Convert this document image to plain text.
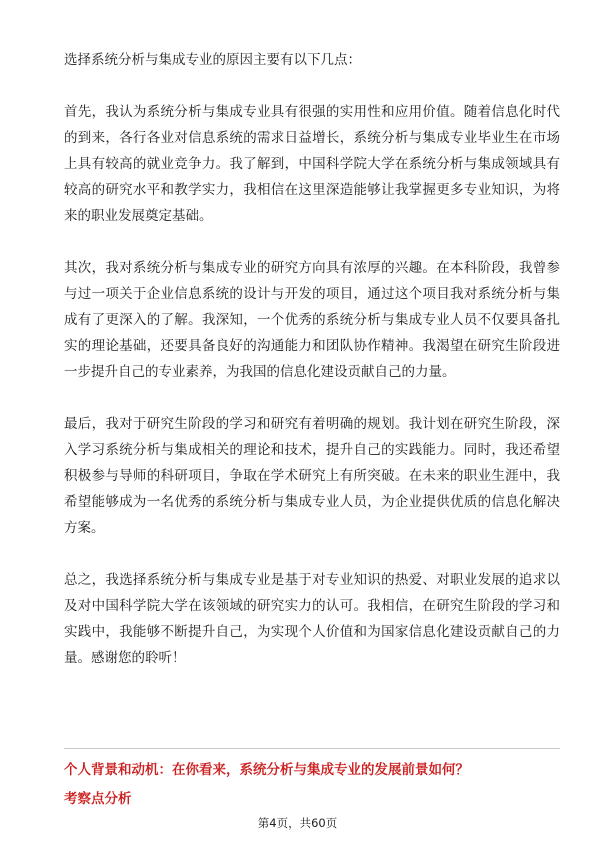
选择系统分析与集成专业的原因主要有以下几点：

首先，我认为系统分析与集成专业具有很强的实用性和应用价值。随着信息化时代的到来，各行各业对信息系统的需求日益增长，系统分析与集成专业毕业生在市场上具有较高的就业竞争力。我了解到，中国科学院大学在系统分析与集成领域具有较高的研究水平和教学实力，我相信在这里深造能够让我掌握更多专业知识，为将来的职业发展奠定基础。

其次，我对系统分析与集成专业的研究方向具有浓厚的兴趣。在本科阶段，我曾参与过一项关于企业信息系统的设计与开发的项目，通过这个项目我对系统分析与集成有了更深入的了解。我深知，一个优秀的系统分析与集成专业人员不仅要具备扎实的理论基础，还要具备良好的沟通能力和团队协作精神。我渴望在研究生阶段进一步提升自己的专业素养，为我国的信息化建设贡献自己的力量。

最后，我对于研究生阶段的学习和研究有着明确的规划。我计划在研究生阶段，深入学习系统分析与集成相关的理论和技术，提升自己的实践能力。同时，我还希望积极参与导师的科研项目，争取在学术研究上有所突破。在未来的职业生涯中，我希望能够成为一名优秀的系统分析与集成专业人员，为企业提供优质的信息化解决方案。

总之，我选择系统分析与集成专业是基于对专业知识的热爱、对职业发展的追求以及对中国科学院大学在该领域的研究实力的认可。我相信，在研究生阶段的学习和实践中，我能够不断提升自己，为实现个人价值和为国家信息化建设贡献自己的力量。感谢您的聆听！

个人背景和动机：在你看来，系统分析与集成专业的发展前景如何？
考察点分析
第4页，共60页
